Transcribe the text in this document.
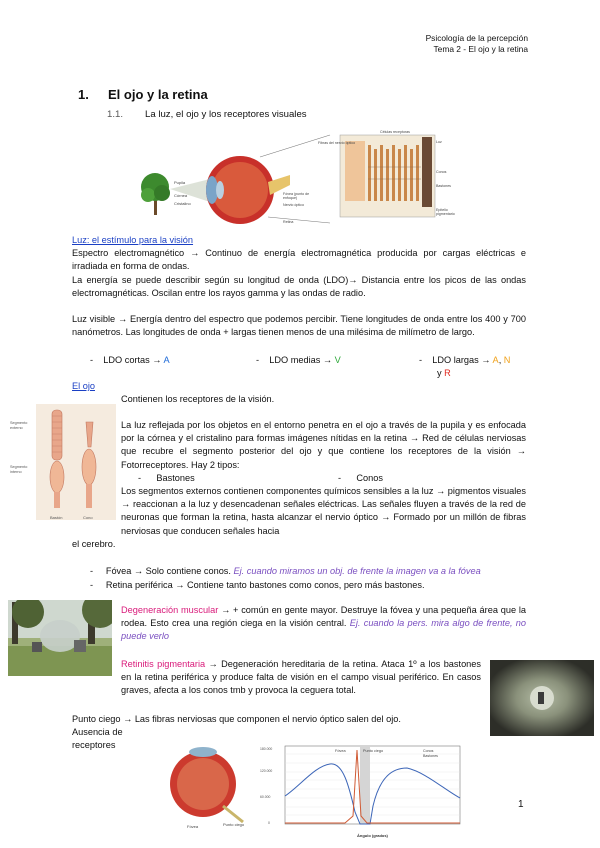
Psicología de la percepción
Tema 2 - El ojo y la retina
1. El ojo y la retina
1.1. La luz, el ojo y los receptores visuales
Pupila
Córnea
Cristalino
Fóvea (punto de
enfoque)
Nervio óptico
Retina
Fibras del nervio óptico
Células receptoras
Luz
Conos
Bastones
Epitelio
pigmentario
Luz: el estímulo para la visión
Espectro electromagnético → Continuo de energía electromagnética producida por cargas eléctricas e irradiada en forma de ondas.
La energía se puede describir según su longitud de onda (LDO)→ Distancia entre los picos de las ondas electromagnéticas. Oscilan entre los rayos gamma y las ondas de radio.
Luz visible → Energía dentro del espectro que podemos percibir. Tiene longitudes de onda entre los 400 y 700 nanómetros. Las longitudes de onda + largas tienen menos de una milésima de milímetro de largo.
-    LDO cortas → A	-    LDO medias → V	-    LDO largas → A, N
y R
El ojo
Contienen los receptores de la visión.
Segmento
externo
Segmento
interno
Bastón	Cono
La luz reflejada por los objetos en el entorno penetra en el ojo a través de la pupila y es enfocada por la córnea y el cristalino para formas imágenes nítidas en la retina → Red de células nerviosas que recubre el segmento posterior del ojo y que contiene los receptores de la visión → Fotorreceptores. Hay 2 tipos:
-      Bastones	-      Conos
Los segmentos externos contienen componentes químicos sensibles a la luz → pigmentos visuales → reaccionan a la luz y desencadenan señales eléctricas. Las señales fluyen a través de la red de neuronas que forman la retina, hasta alcanzar el nervio óptico → Formado por un millón de fibras nerviosas que conducen señales hacia
el cerebro.
-     Fóvea → Solo contiene conos. Ej. cuando miramos un obj. de frente la imagen va a la fóvea
-     Retina periférica → Contiene tanto bastones como conos, pero más bastones.
Degeneración muscular → + común en gente mayor. Destruye la fóvea y una pequeña área que la rodea. Esto crea una región ciega en la visión central. Ej. cuando la pers. mira algo de frente, no puede verlo
Retinitis pigmentaria → Degeneración hereditaria de la retina. Ataca 1º a los bastones en la retina periférica y produce falta de visión en el campo visual periférico. En casos graves, afecta a los conos tmb y provoca la ceguera total.
Punto ciego → Las fibras nerviosas que componen el nervio óptico salen del ojo.
Ausencia de
receptores
Fóvea	Punto ciego
Fóvea	Punto ciego	Conos
Bastones
Ángulo (grados)
180.000
120.000
60.000
0
1
